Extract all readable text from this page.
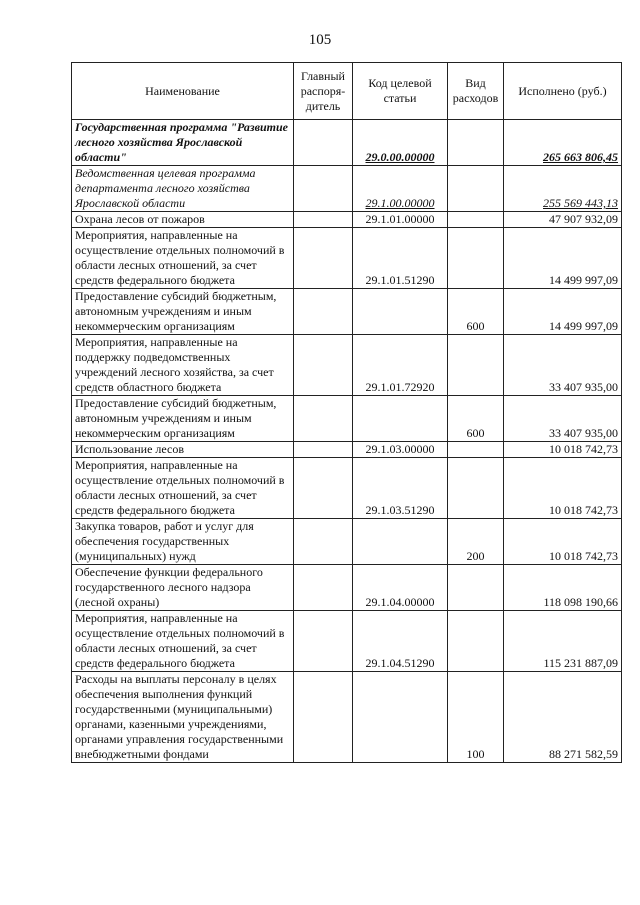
105
Наименование	Главный распоря-дитель	Код целевой статьи	Вид расходов	Исполнено (руб.)
Государственная программа "Развитие лесного хозяйства Ярославской области"		29.0.00.00000		265 663 806,45
Ведомственная целевая программа департамента лесного хозяйства Ярославской области		29.1.00.00000		255 569 443,13
Охрана лесов от пожаров		29.1.01.00000		47 907 932,09
Мероприятия, направленные на осуществление отдельных полномочий в области лесных отношений, за счет средств федерального бюджета		29.1.01.51290		14 499 997,09
Предоставление субсидий бюджетным, автономным учреждениям и иным некоммерческим организациям			600	14 499 997,09
Мероприятия, направленные на поддержку подведомственных учреждений лесного хозяйства, за счет средств областного бюджета		29.1.01.72920		33 407 935,00
Предоставление субсидий бюджетным, автономным учреждениям и иным некоммерческим организациям			600	33 407 935,00
Использование лесов		29.1.03.00000		10 018 742,73
Мероприятия, направленные на осуществление отдельных полномочий в области лесных отношений, за счет средств федерального бюджета		29.1.03.51290		10 018 742,73
Закупка товаров, работ и услуг для обеспечения государственных (муниципальных) нужд			200	10 018 742,73
Обеспечение функции федерального государственного лесного надзора (лесной охраны)		29.1.04.00000		118 098 190,66
Мероприятия, направленные на осуществление отдельных полномочий в области лесных отношений, за счет средств федерального бюджета		29.1.04.51290		115 231 887,09
Расходы на выплаты персоналу в целях обеспечения выполнения функций государственными (муниципальными) органами, казенными учреждениями, органами управления государственными внебюджетными фондами			100	88 271 582,59
